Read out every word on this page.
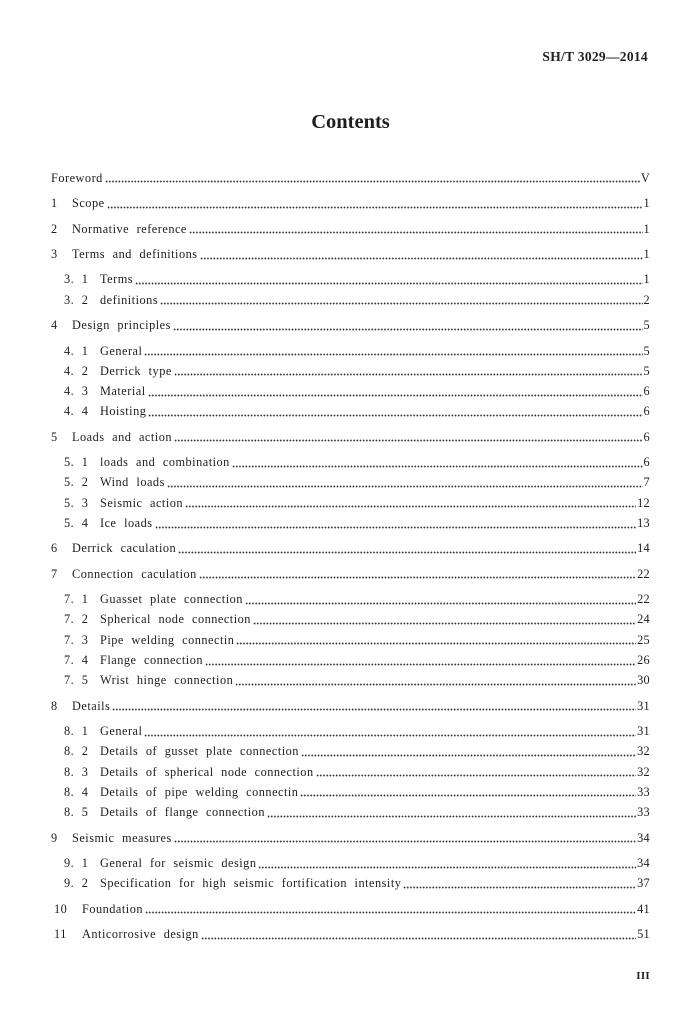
SH/T 3029—2014
Contents
Foreword	V
1	Scope	1
2	Normative reference	1
3	Terms and definitions	1
3. 1 Terms	1
3. 2 definitions	2
4	Design principles	5
4. 1 General	5
4. 2 Derrick type	5
4. 3 Material	6
4. 4 Hoisting	6
5	Loads and action	6
5. 1 loads and combination	6
5. 2 Wind loads	7
5. 3 Seismic action	12
5. 4 Ice loads	13
6	Derrick caculation	14
7	Connection caculation	22
7. 1 Guasset plate connection	22
7. 2 Spherical node connection	24
7. 3 Pipe welding connectin	25
7. 4 Flange connection	26
7. 5 Wrist hinge connection	30
8	Details	31
8. 1 General	31
8. 2 Details of gusset plate connection	32
8. 3 Details of spherical node connection	32
8. 4 Details of pipe welding connectin	33
8. 5 Details of flange connection	33
9	Seismic measures	34
9. 1 General for seismic design	34
9. 2 Specification for high seismic fortification intensity	37
10	Foundation	41
11	Anticorrosive design	51
III
